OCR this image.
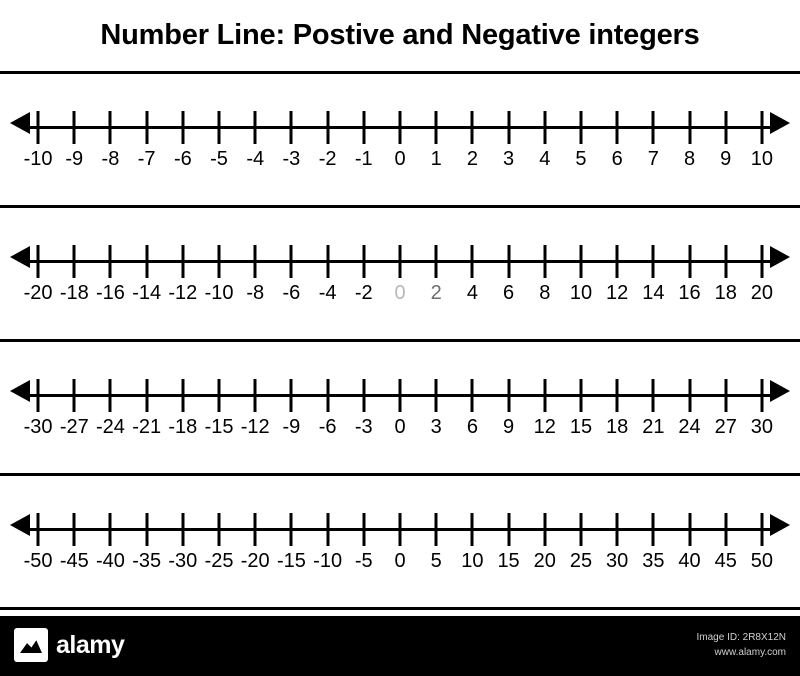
Number Line: Postive and Negative integers
-10 -9 -8 -7 -6 -5 -4 -3 -2 -1 0 1 2 3 4 5 6 7 8 9 10
-20 -18 -16 -14 -12 -10 -8 -6 -4 -2 0 2 4 6 8 10 12 14 16 18 20
-30 -27 -24 -21 -18 -15 -12 -9 -6 -3 0 3 6 9 12 15 18 21 24 27 30
-50 -45 -40 -35 -30 -25 -20 -15 -10 -5 0 5 10 15 20 25 30 35 40 45 50
alamy	Image ID: 2R8X12N
www.alamy.com
